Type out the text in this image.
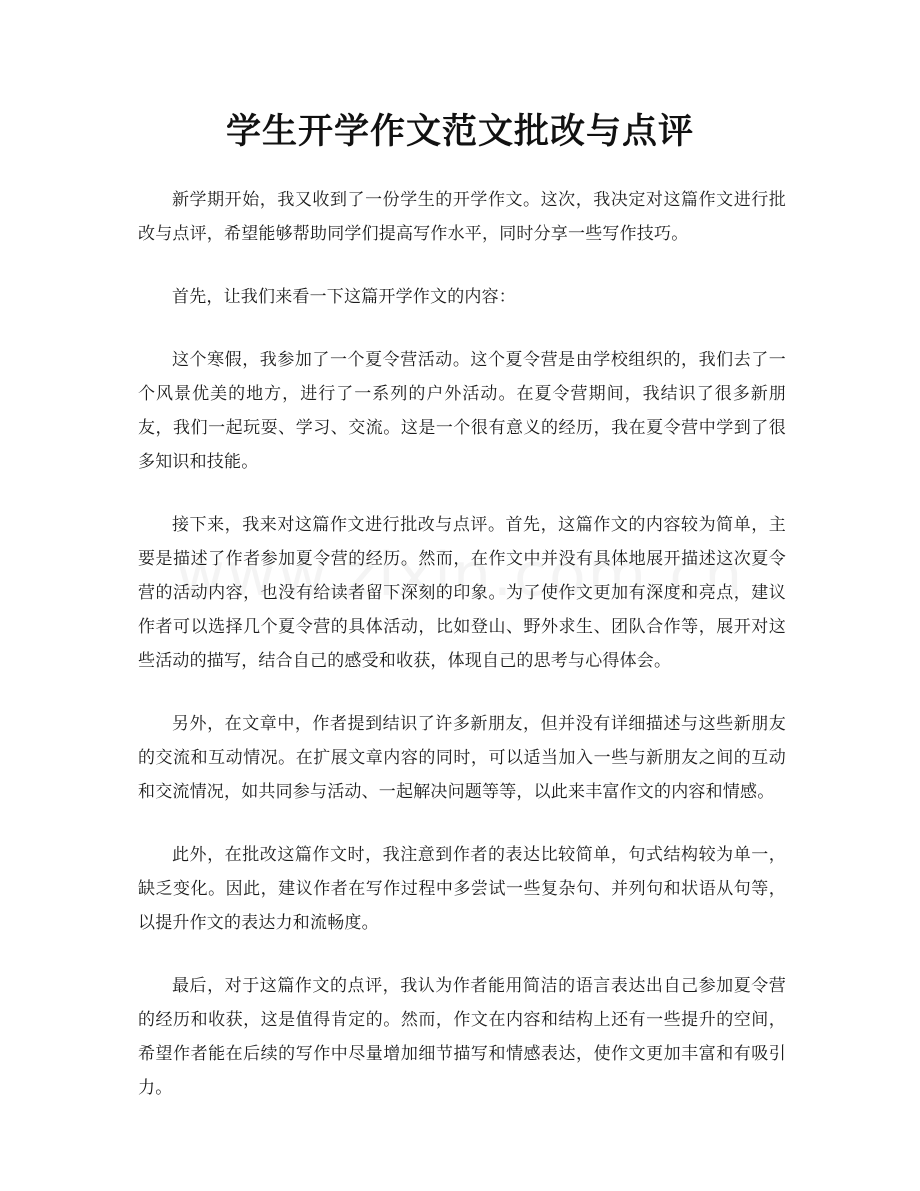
学生开学作文范文批改与点评

新学期开始，我又收到了一份学生的开学作文。这次，我决定对这篇作文进行批改与点评，希望能够帮助同学们提高写作水平，同时分享一些写作技巧。

首先，让我们来看一下这篇开学作文的内容：

这个寒假，我参加了一个夏令营活动。这个夏令营是由学校组织的，我们去了一个风景优美的地方，进行了一系列的户外活动。在夏令营期间，我结识了很多新朋友，我们一起玩耍、学习、交流。这是一个很有意义的经历，我在夏令营中学到了很多知识和技能。

接下来，我来对这篇作文进行批改与点评。首先，这篇作文的内容较为简单，主要是描述了作者参加夏令营的经历。然而，在作文中并没有具体地展开描述这次夏令营的活动内容，也没有给读者留下深刻的印象。为了使作文更加有深度和亮点，建议作者可以选择几个夏令营的具体活动，比如登山、野外求生、团队合作等，展开对这些活动的描写，结合自己的感受和收获，体现自己的思考与心得体会。

另外，在文章中，作者提到结识了许多新朋友，但并没有详细描述与这些新朋友的交流和互动情况。在扩展文章内容的同时，可以适当加入一些与新朋友之间的互动和交流情况，如共同参与活动、一起解决问题等等，以此来丰富作文的内容和情感。

此外，在批改这篇作文时，我注意到作者的表达比较简单，句式结构较为单一，缺乏变化。因此，建议作者在写作过程中多尝试一些复杂句、并列句和状语从句等，以提升作文的表达力和流畅度。

最后，对于这篇作文的点评，我认为作者能用简洁的语言表达出自己参加夏令营的经历和收获，这是值得肯定的。然而，作文在内容和结构上还有一些提升的空间，希望作者能在后续的写作中尽量增加细节描写和情感表达，使作文更加丰富和有吸引力。
